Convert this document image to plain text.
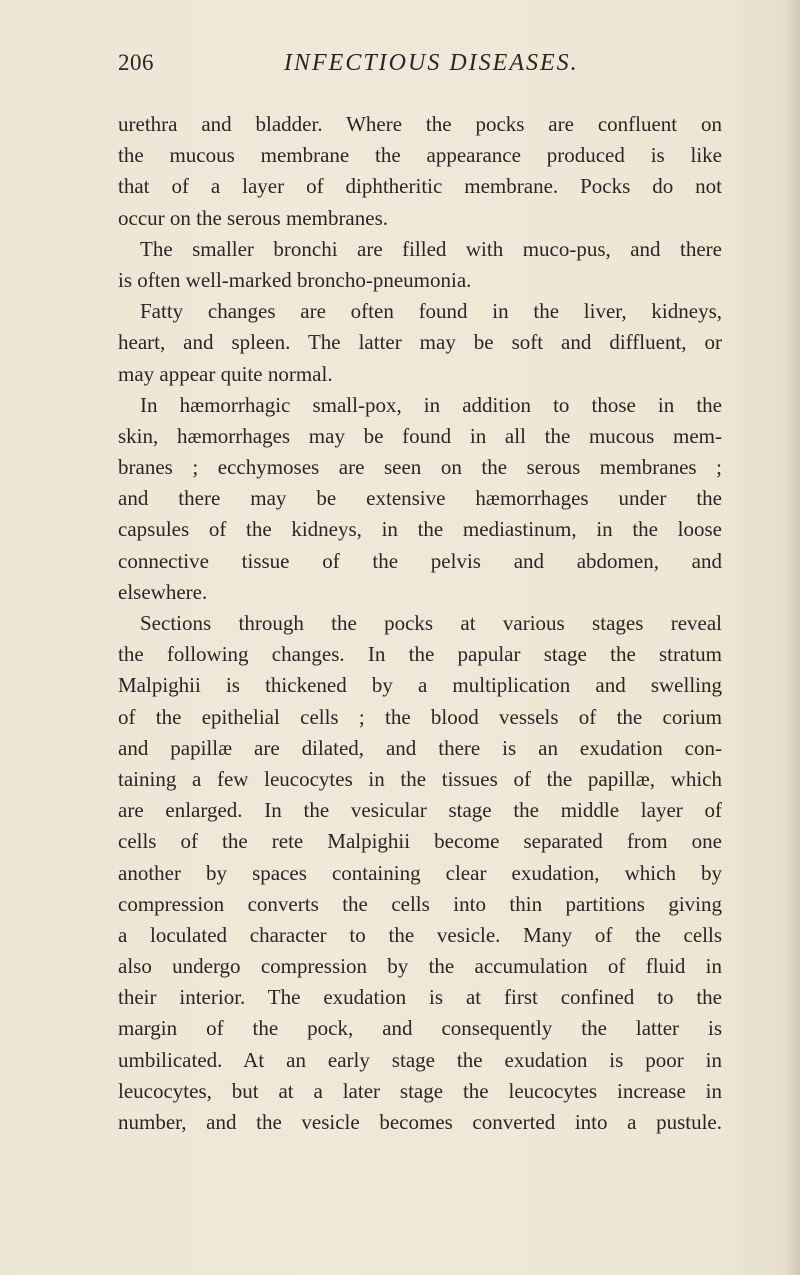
206	INFECTIOUS DISEASES.
urethra and bladder. Where the pocks are confluent on
the mucous membrane the appearance produced is like
that of a layer of diphtheritic membrane. Pocks do not
occur on the serous membranes.
The smaller bronchi are filled with muco-pus, and there
is often well-marked broncho-pneumonia.
Fatty changes are often found in the liver, kidneys,
heart, and spleen. The latter may be soft and diffluent, or
may appear quite normal.
In hæmorrhagic small-pox, in addition to those in the
skin, hæmorrhages may be found in all the mucous mem-
branes ; ecchymoses are seen on the serous membranes ;
and there may be extensive hæmorrhages under the
capsules of the kidneys, in the mediastinum, in the loose
connective tissue of the pelvis and abdomen, and
elsewhere.
Sections through the pocks at various stages reveal
the following changes. In the papular stage the stratum
Malpighii is thickened by a multiplication and swelling
of the epithelial cells ; the blood vessels of the corium
and papillæ are dilated, and there is an exudation con-
taining a few leucocytes in the tissues of the papillæ, which
are enlarged. In the vesicular stage the middle layer of
cells of the rete Malpighii become separated from one
another by spaces containing clear exudation, which by
compression converts the cells into thin partitions giving
a loculated character to the vesicle. Many of the cells
also undergo compression by the accumulation of fluid in
their interior. The exudation is at first confined to the
margin of the pock, and consequently the latter is
umbilicated. At an early stage the exudation is poor in
leucocytes, but at a later stage the leucocytes increase in
number, and the vesicle becomes converted into a pustule.
